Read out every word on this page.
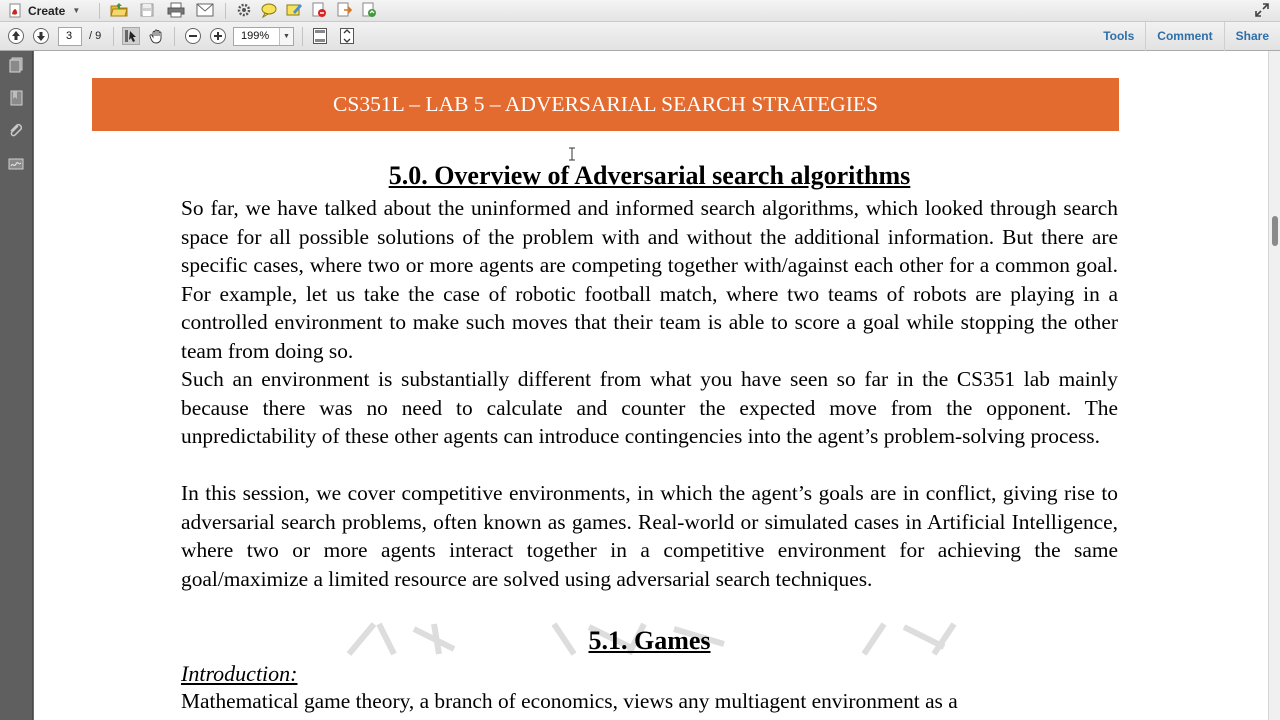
Create ▼
3	/ 9	199%	▼	Tools	Comment	Share
CS351L – LAB 5 – ADVERSARIAL SEARCH STRATEGIES
5.0. Overview of Adversarial search algorithms
So far, we have talked about the uninformed and informed search algorithms, which looked through search space for all possible solutions of the problem with and without the additional information. But there are specific cases, where two or more agents are competing together with/against each other for a common goal. For example, let us take the case of robotic football match, where two teams of robots are playing in a controlled environment to make such moves that their team is able to score a goal while stopping the other team from doing so.
Such an environment is substantially different from what you have seen so far in the CS351 lab mainly because there was no need to calculate and counter the expected move from the opponent. The unpredictability of these other agents can introduce contingencies into the agent’s problem-solving process.
In this session, we cover competitive environments, in which the agent’s goals are in conflict, giving rise to adversarial search problems, often known as games. Real-world or simulated cases in Artificial Intelligence, where two or more agents interact together in a competitive environment for achieving the same goal/maximize a limited resource are solved using adversarial search techniques.
5.1. Games
Introduction:
Mathematical game theory, a branch of economics, views any multiagent environment as a
